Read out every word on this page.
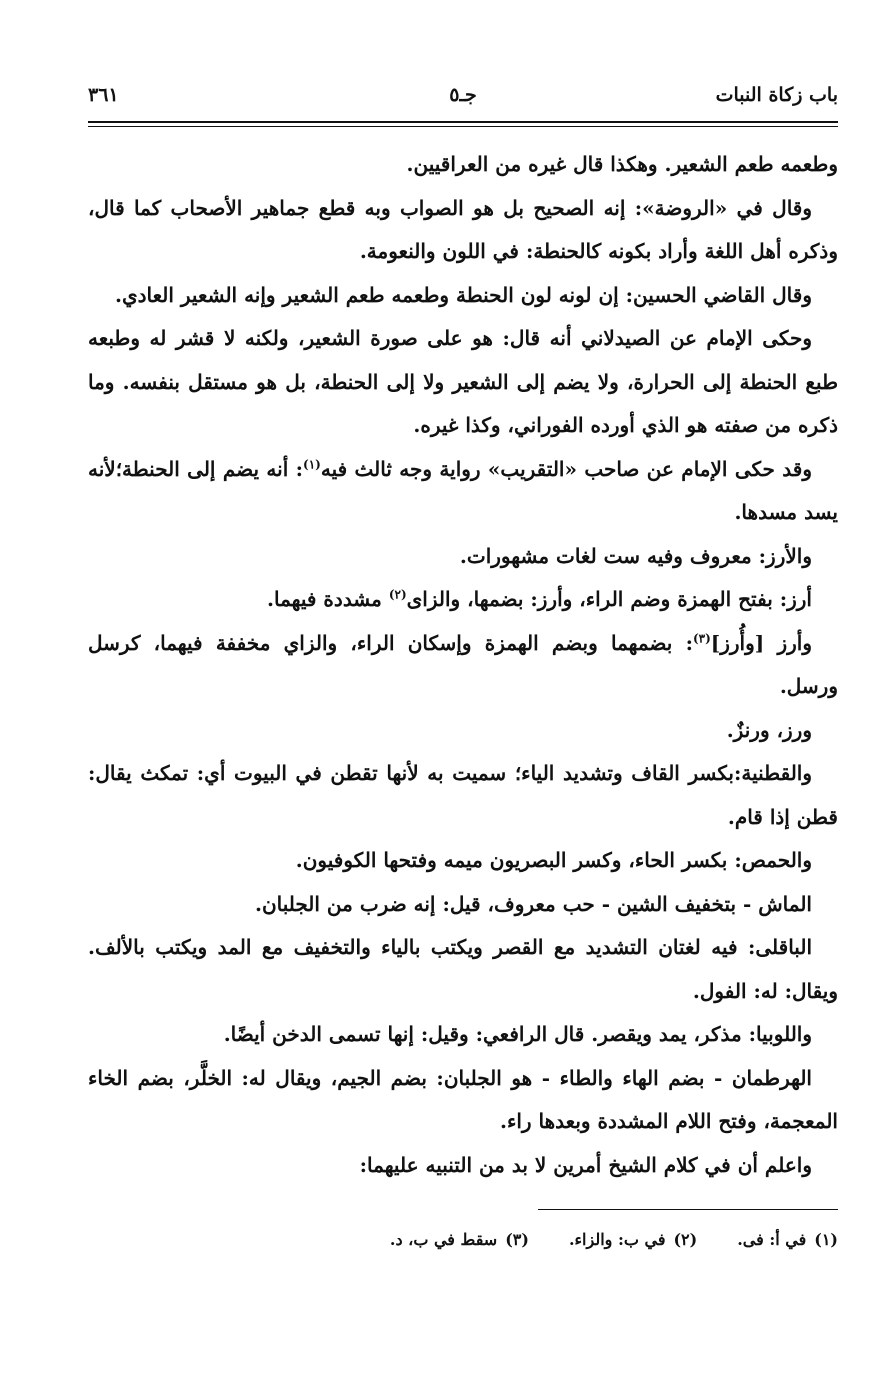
باب زكاة النبات
جـ٥
٣٦١

وطعمه طعم الشعير. وهكذا قال غيره من العراقيين.

وقال في «الروضة»: إنه الصحيح بل هو الصواب وبه قطع جماهير الأصحاب كما قال، وذكره أهل اللغة وأراد بكونه كالحنطة: في اللون والنعومة.

وقال القاضي الحسين: إن لونه لون الحنطة وطعمه طعم الشعير وإنه الشعير العادي.

وحكى الإمام عن الصيدلاني أنه قال: هو على صورة الشعير، ولكنه لا قشر له وطبعه طبع الحنطة إلى الحرارة، ولا يضم إلى الشعير ولا إلى الحنطة، بل هو مستقل بنفسه. وما ذكره من صفته هو الذي أورده الفوراني، وكذا غيره.

وقد حكى الإمام عن صاحب «التقريب» رواية وجه ثالث فيه$^{(١)}$: أنه يضم إلى الحنطة؛لأنه يسد مسدها.

والأرز: معروف وفيه ست لغات مشهورات.

أرز: بفتح الهمزة وضم الراء، وأرز: بضمها، والزاى$^{(٢)}$ مشددة فيهما.

وأرز [وأُرز]$^{(٣)}$: بضمهما وبضم الهمزة وإسكان الراء، والزاي مخففة فيهما، كرسل ورسل.

ورز، ورنزٌ.

والقطنية:بكسر القاف وتشديد الياء؛ سميت به لأنها تقطن في البيوت أي: تمكث يقال: قطن إذا قام.

والحمص: بكسر الحاء، وكسر البصريون ميمه وفتحها الكوفيون.

الماش - بتخفيف الشين - حب معروف، قيل: إنه ضرب من الجلبان.

الباقلى: فيه لغتان التشديد مع القصر ويكتب بالياء والتخفيف مع المد ويكتب بالألف. ويقال: له: الفول.

واللوبيا: مذكر، يمد ويقصر. قال الرافعي: وقيل: إنها تسمى الدخن أيضًا.

الهرطمان - بضم الهاء والطاء - هو الجلبان: بضم الجيم، ويقال له: الخلَّر، بضم الخاء المعجمة، وفتح اللام المشددة وبعدها راء.

واعلم أن في كلام الشيخ أمرين لا بد من التنبيه عليهما:

(١)في أ: فى.
(٢)في ب: والزاء.
(٣)سقط في ب، د.
